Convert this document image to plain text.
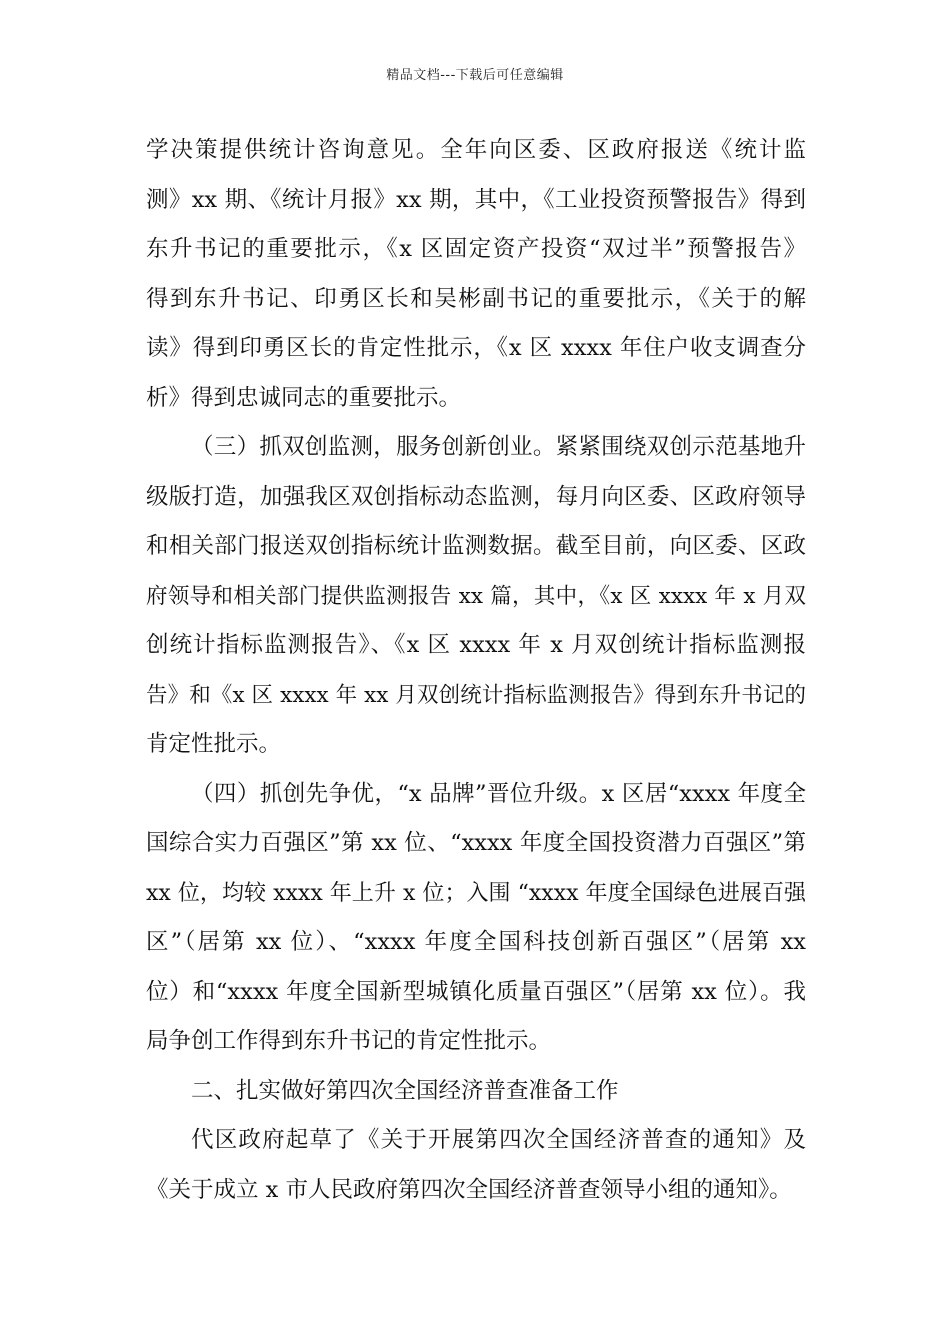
精品文档---下载后可任意编辑
学决策提供统计咨询意见。全年向区委、区政府报送《统计监
测》xx 期、《统计月报》xx 期，其中，《工业投资预警报告》得到
东升书记的重要批示，《x 区固定资产投资“双过半”预警报告》
得到东升书记、印勇区长和吴彬副书记的重要批示，《关于的解
读》得到印勇区长的肯定性批示，《x 区 xxxx 年住户收支调查分
析》得到忠诚同志的重要批示。
（三）抓双创监测，服务创新创业。紧紧围绕双创示范基地升
级版打造，加强我区双创指标动态监测，每月向区委、区政府领导
和相关部门报送双创指标统计监测数据。截至目前，向区委、区政
府领导和相关部门提供监测报告 xx 篇，其中，《x 区 xxxx 年 x 月双
创统计指标监测报告》、《x 区 xxxx 年 x 月双创统计指标监测报
告》和《x 区 xxxx 年 xx 月双创统计指标监测报告》得到东升书记的
肯定性批示。
（四）抓创先争优，“x 品牌”晋位升级。x 区居“xxxx 年度全
国综合实力百强区”第 xx 位、“xxxx 年度全国投资潜力百强区”第
xx 位，均较 xxxx 年上升 x 位；入围 “xxxx 年度全国绿色进展百强
区”（居第 xx 位）、“xxxx 年度全国科技创新百强区”（居第 xx
位）和“xxxx 年度全国新型城镇化质量百强区”（居第 xx 位）。我
局争创工作得到东升书记的肯定性批示。
二、扎实做好第四次全国经济普查准备工作
代区政府起草了《关于开展第四次全国经济普查的通知》及
《关于成立 x 市人民政府第四次全国经济普查领导小组的通知》。
